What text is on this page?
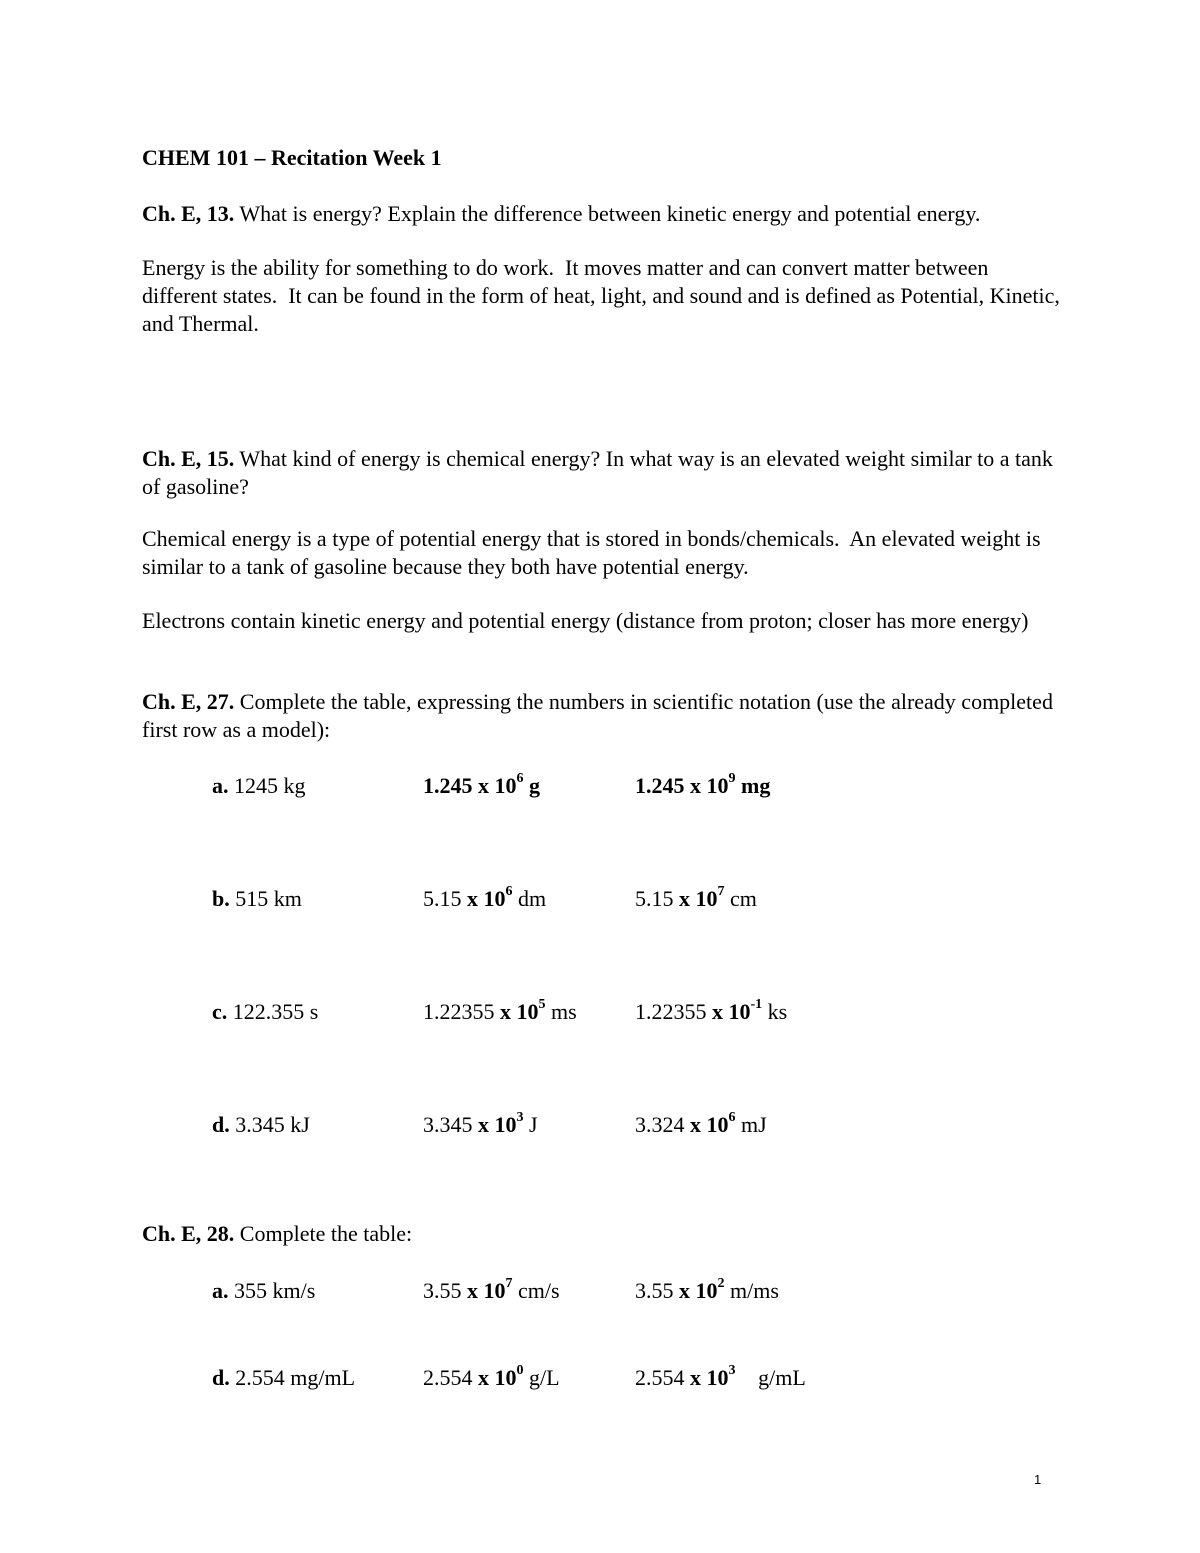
CHEM 101 – Recitation Week 1

Ch. E, 13. What is energy? Explain the difference between kinetic energy and potential energy.

Energy is the ability for something to do work.  It moves matter and can convert matter between different states.  It can be found in the form of heat, light, and sound and is defined as Potential, Kinetic, and Thermal.

Ch. E, 15. What kind of energy is chemical energy? In what way is an elevated weight similar to a tank of gasoline?

Chemical energy is a type of potential energy that is stored in bonds/chemicals.  An elevated weight is similar to a tank of gasoline because they both have potential energy.

Electrons contain kinetic energy and potential energy (distance from proton; closer has more energy)

Ch. E, 27. Complete the table, expressing the numbers in scientific notation (use the already completed first row as a model):

a. 1245 kg	1.245 x $10^6$ g	1.245 x $10^9$ mg
b. 515 km	5.15 x $10^6$ dm	5.15 x $10^7$ cm
c. 122.355 s	1.22355 x $10^5$ ms	1.22355 x $10^{-1}$ ks
d. 3.345 kJ	3.345 x $10^3$ J	3.324 x $10^6$ mJ

Ch. E, 28. Complete the table:

a. 355 km/s	3.55 x $10^7$ cm/s	3.55 x $10^2$ m/ms
d. 2.554 mg/mL	2.554 x $10^0$ g/L	2.554 x $10^3$ g/mL
1
